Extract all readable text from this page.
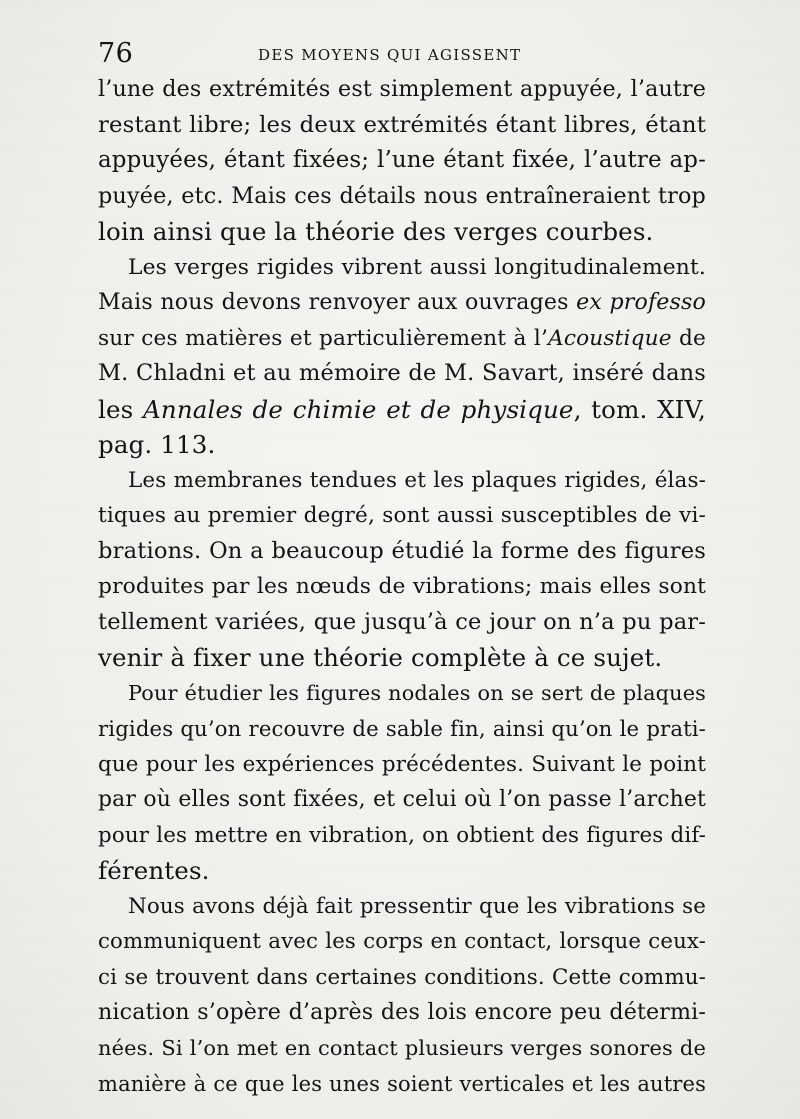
76	DES MOYENS QUI AGISSENT
l’une des extrémités est simplement appuyée, l’autre
restant libre; les deux extrémités étant libres, étant
appuyées, étant fixées; l’une étant fixée, l’autre ap-
puyée, etc. Mais ces détails nous entraîneraient trop
loin ainsi que la théorie des verges courbes.
Les verges rigides vibrent aussi longitudinalement.
Mais nous devons renvoyer aux ouvrages ex professo
sur ces matières et particulièrement à l’Acoustique de
M. Chladni et au mémoire de M. Savart, inséré dans
les Annales de chimie et de physique, tom. XIV,
pag. 113.
Les membranes tendues et les plaques rigides, élas-
tiques au premier degré, sont aussi susceptibles de vi-
brations. On a beaucoup étudié la forme des figures
produites par les nœuds de vibrations; mais elles sont
tellement variées, que jusqu’à ce jour on n’a pu par-
venir à fixer une théorie complète à ce sujet.
Pour étudier les figures nodales on se sert de plaques
rigides qu’on recouvre de sable fin, ainsi qu’on le prati-
que pour les expériences précédentes. Suivant le point
par où elles sont fixées, et celui où l’on passe l’archet
pour les mettre en vibration, on obtient des figures dif-
férentes.
Nous avons déjà fait pressentir que les vibrations se
communiquent avec les corps en contact, lorsque ceux-
ci se trouvent dans certaines conditions. Cette commu-
nication s’opère d’après des lois encore peu détermi-
nées. Si l’on met en contact plusieurs verges sonores de
manière à ce que les unes soient verticales et les autres
